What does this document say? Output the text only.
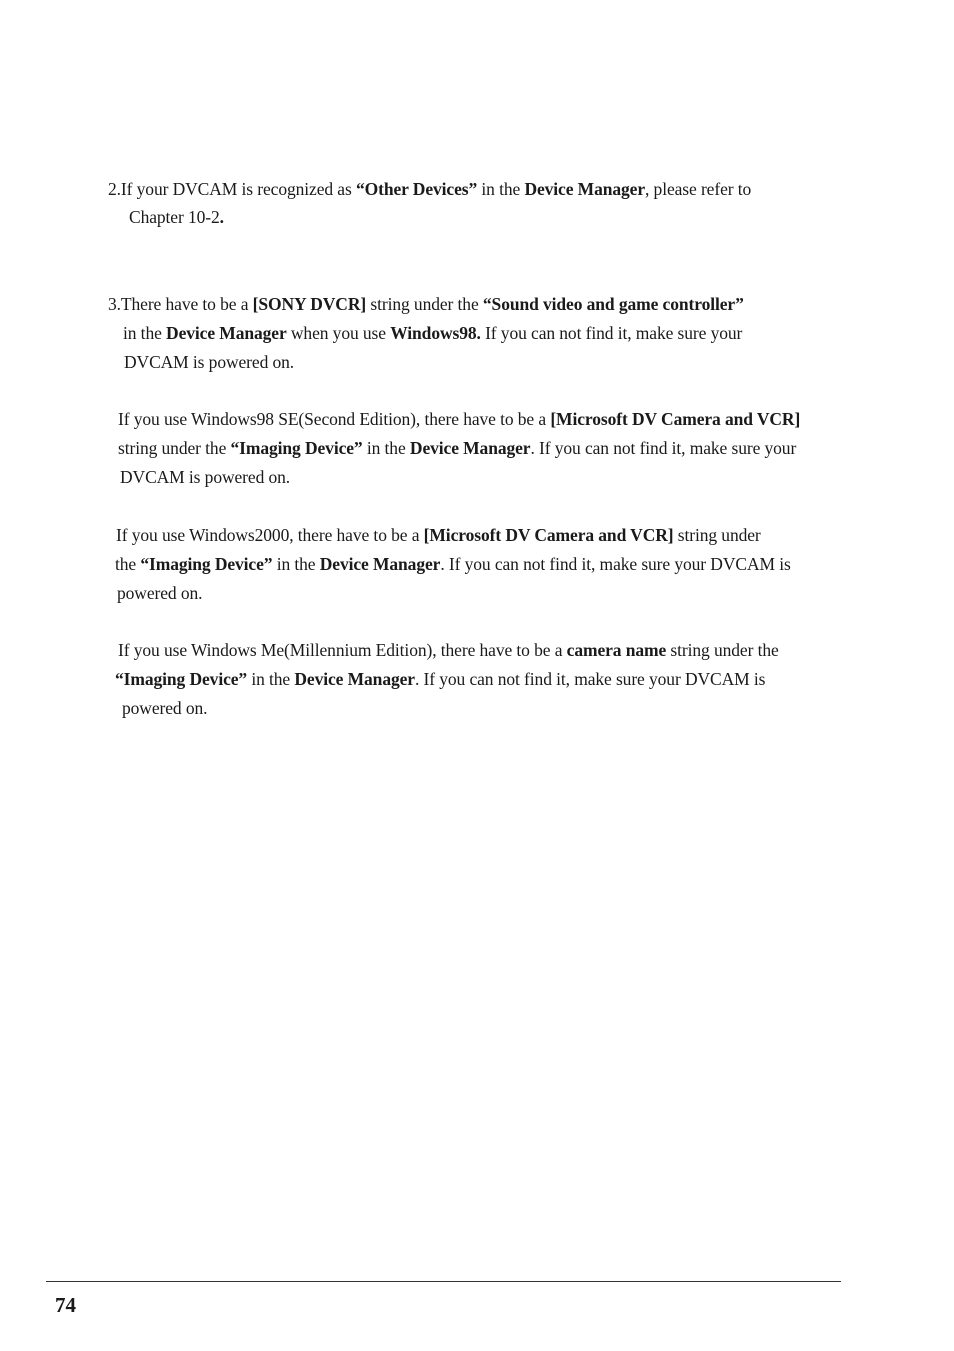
2.If your DVCAM is recognized as “Other Devices” in the Device Manager, please refer to
Chapter 10-2.
3.There have to be a [SONY DVCR] string under the “Sound video and game controller”
in the Device Manager when you use Windows98. If you can not find it, make sure your
DVCAM is powered on.
If you use Windows98 SE(Second Edition), there have to be a [Microsoft DV Camera and VCR]
string under the “Imaging Device” in the Device Manager. If you can not find it, make sure your
DVCAM is powered on.
If you use Windows2000, there have to be a [Microsoft DV Camera and VCR] string under
the “Imaging Device” in the Device Manager. If you can not find it, make sure your DVCAM is
powered on.
If you use Windows Me(Millennium Edition), there have to be a camera name string under the
“Imaging Device” in the Device Manager. If you can not find it, make sure your DVCAM is
powered on.
74
